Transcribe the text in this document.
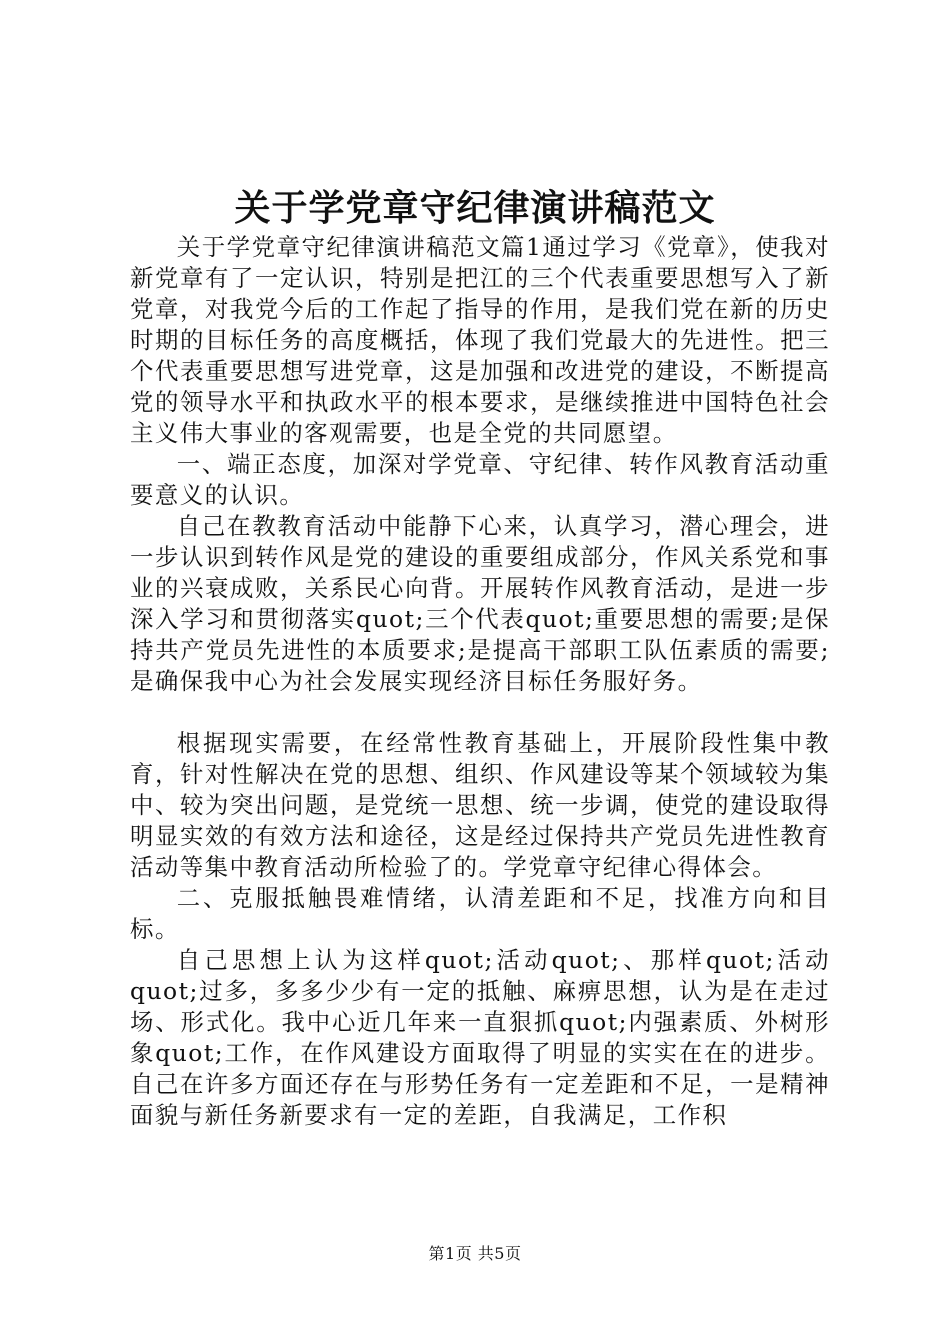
关于学党章守纪律演讲稿范文

关于学党章守纪律演讲稿范文篇1通过学习《党章》，使我对新党章有了一定认识，特别是把江的三个代表重要思想写入了新党章，对我党今后的工作起了指导的作用，是我们党在新的历史时期的目标任务的高度概括，体现了我们党最大的先进性。把三个代表重要思想写进党章，这是加强和改进党的建设，不断提高党的领导水平和执政水平的根本要求，是继续推进中国特色社会主义伟大事业的客观需要，也是全党的共同愿望。

一、端正态度，加深对学党章、守纪律、转作风教育活动重要意义的认识。

自己在教教育活动中能静下心来，认真学习，潜心理会，进一步认识到转作风是党的建设的重要组成部分，作风关系党和事业的兴衰成败，关系民心向背。开展转作风教育活动，是进一步深入学习和贯彻落实quot;三个代表quot;重要思想的需要;是保持共产党员先进性的本质要求;是提高干部职工队伍素质的需要;是确保我中心为社会发展实现经济目标任务服好务。

根据现实需要，在经常性教育基础上，开展阶段性集中教育，针对性解决在党的思想、组织、作风建设等某个领域较为集中、较为突出问题，是党统一思想、统一步调，使党的建设取得明显实效的有效方法和途径，这是经过保持共产党员先进性教育活动等集中教育活动所检验了的。学党章守纪律心得体会。

二、克服抵触畏难情绪，认清差距和不足，找准方向和目标。

自己思想上认为这样quot;活动quot;、那样quot;活动quot;过多，多多少少有一定的抵触、麻痹思想，认为是在走过场、形式化。我中心近几年来一直狠抓quot;内强素质、外树形象quot;工作，在作风建设方面取得了明显的实实在在的进步。自己在许多方面还存在与形势任务有一定差距和不足，一是精神面貌与新任务新要求有一定的差距，自我满足，工作积

第1页 共5页
